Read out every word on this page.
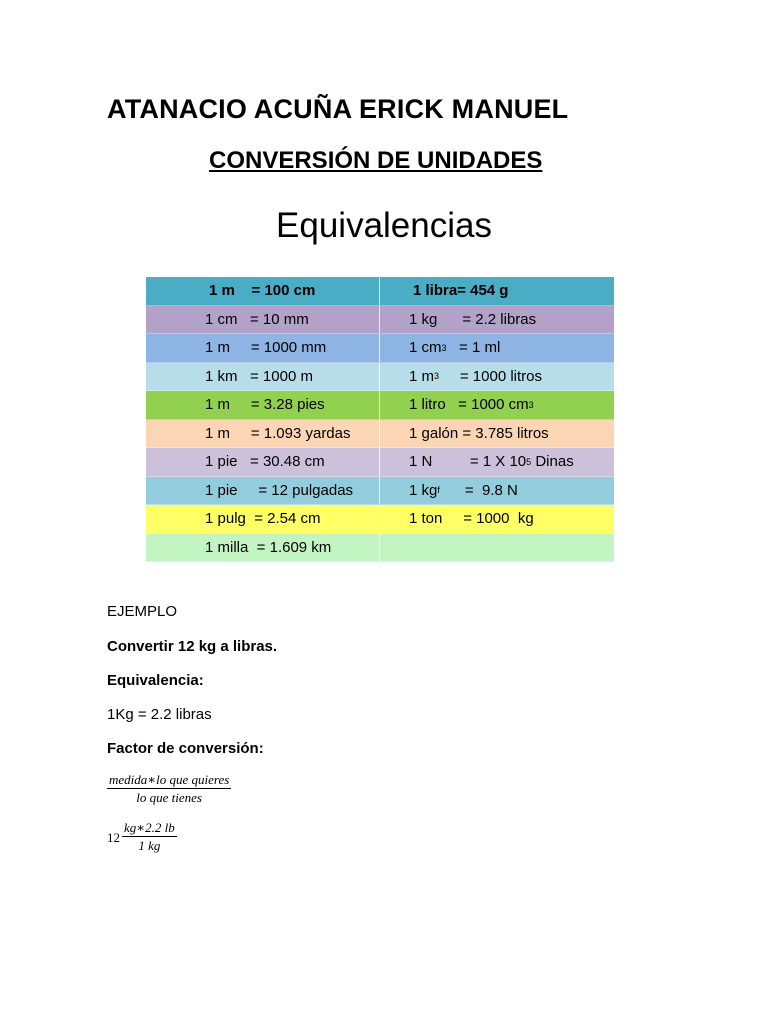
ATANACIO ACUÑA ERICK MANUEL
CONVERSIÓN DE UNIDADES
Equivalencias
1 m    = 100 cm	1 libra= 454 g
1 cm   = 10 mm	1 kg      = 2.2 libras
1 m     = 1000 mm	1 cm 3 = 1 ml
1 km   = 1000 m	1 m 3 = 1000 litros
1 m     = 3.28 pies	1 litro   = 1000 cm 3
1 m     = 1.093 yardas	1 galón = 3.785 litros
1 pie   = 30.48 cm	1 N         = 1 X 10 5 Dinas
1 pie     = 12 pulgadas	1 kg f =  9.8 N
1 pulg  = 2.54 cm	1 ton     = 1000  kg
1 milla  = 1.609 km
EJEMPLO
Convertir 12 kg a libras.
Equivalencia:
1Kg = 2.2 libras
Factor de conversión:
medida∗lo que quieres
lo que tienes
$12 \frac{kg∗2.2 lb}{1 kg}$
